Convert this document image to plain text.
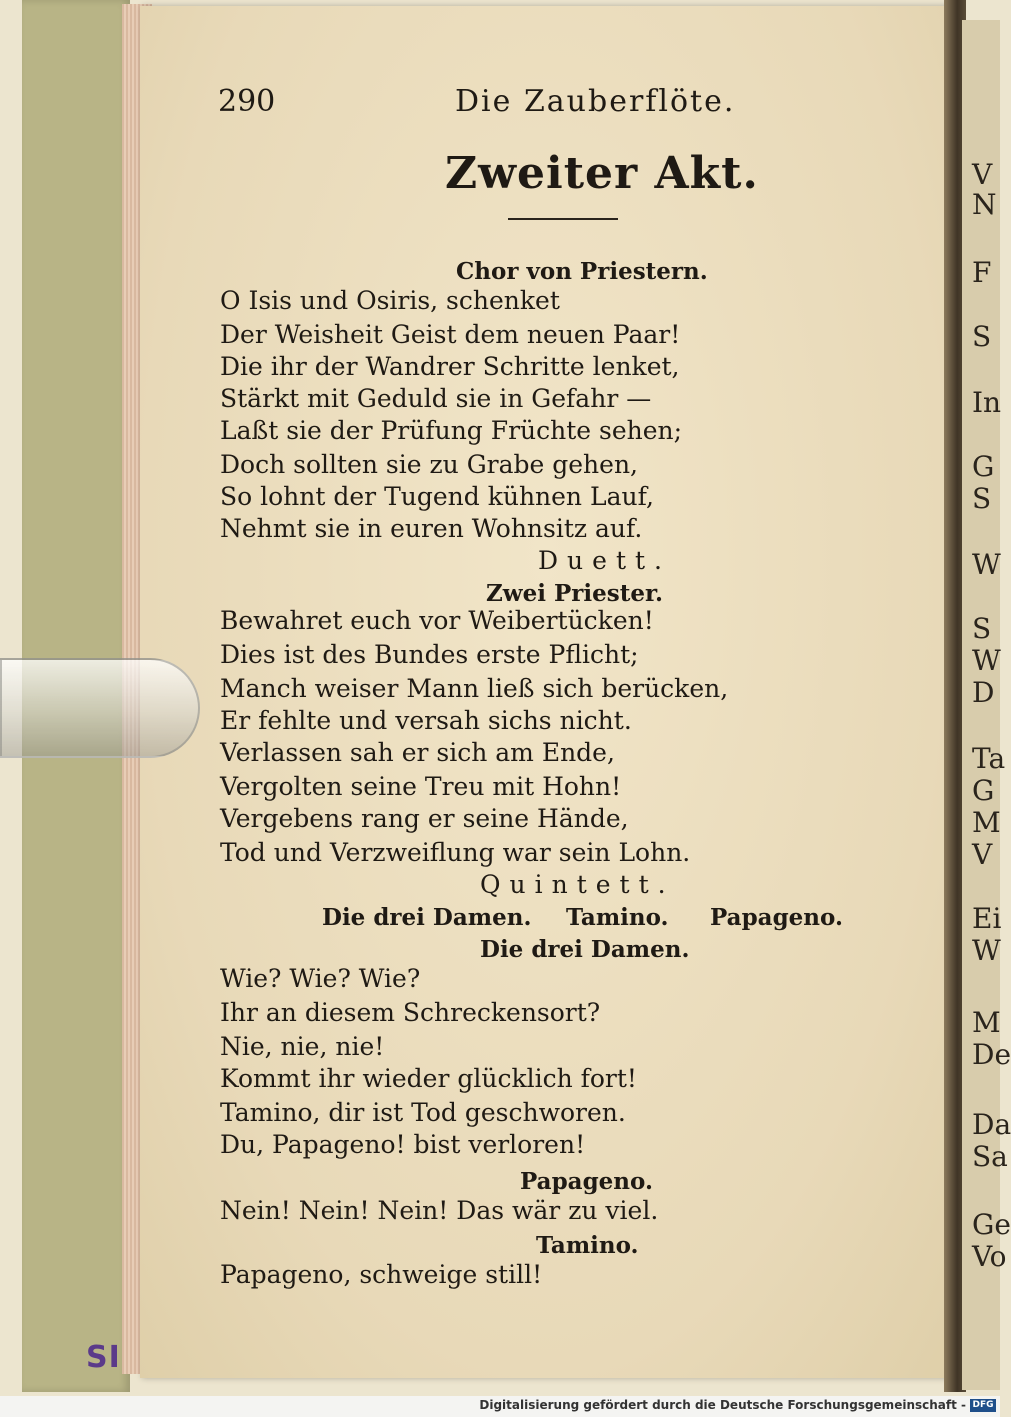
V
N
F
S
In
G
S
W
S
W
D
Ta
G
M
V
Ei
W
M
De
Da
Sa
Ge
Vo
SI
290	Die Zauberflöte.
Zweiter Akt.
Chor von Priestern.
O Isis und Osiris, schenket
Der Weisheit Geist dem neuen Paar!
Die ihr der Wandrer Schritte lenket,
Stärkt mit Geduld sie in Gefahr —
Laßt sie der Prüfung Früchte sehen;
Doch sollten sie zu Grabe gehen,
So lohnt der Tugend kühnen Lauf,
Nehmt sie in euren Wohnsitz auf.
Duett.
Zwei Priester.
Bewahret euch vor Weibertücken!
Dies ist des Bundes erste Pflicht;
Manch weiser Mann ließ sich berücken,
Er fehlte und versah sichs nicht.
Verlassen sah er sich am Ende,
Vergolten seine Treu mit Hohn!
Vergebens rang er seine Hände,
Tod und Verzweiflung war sein Lohn.
Quintett.
Die drei Damen. Tamino. Papageno.
Die drei Damen.
Wie? Wie? Wie?
Ihr an diesem Schreckensort?
Nie, nie, nie!
Kommt ihr wieder glücklich fort!
Tamino, dir ist Tod geschworen.
Du, Papageno! bist verloren!
Papageno.
Nein! Nein! Nein! Das wär zu viel.
Tamino.
Papageno, schweige still!
Digitalisierung gefördert durch die Deutsche Forschungsgemeinschaft - DFG
